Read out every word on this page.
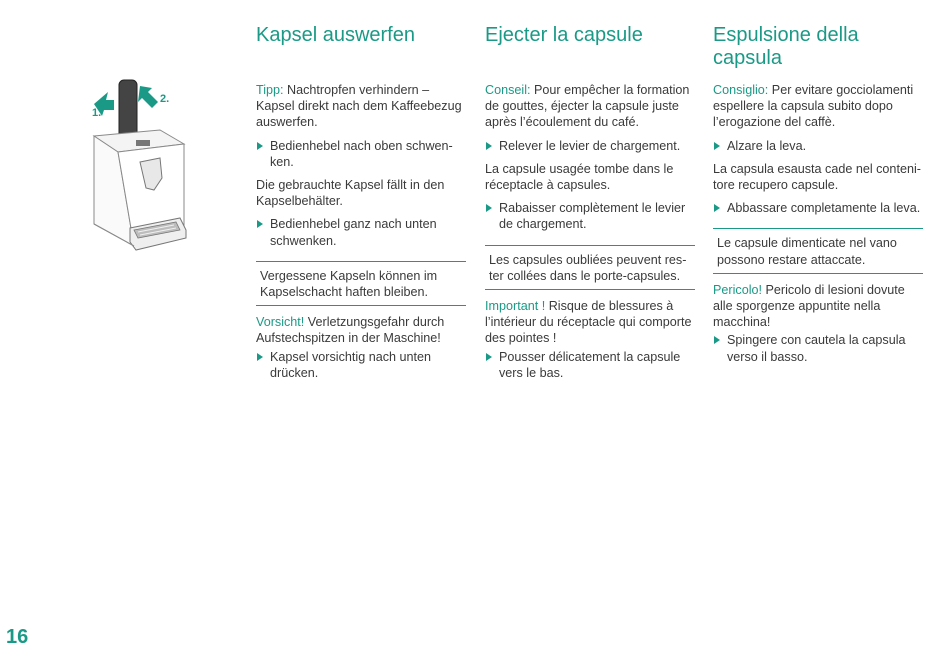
1.
2.
Kapsel auswerfen

Tipp: Nachtropfen verhindern – Kapsel direkt nach dem Kaffeebezug auswerfen.

Bedienhebel nach oben schwen-ken.

Die gebrauchte Kapsel fällt in den Kapselbehälter.

Bedienhebel ganz nach unten schwenken.

Vergessene Kapseln können im Kapselschacht haften bleiben.

Vorsicht! Verletzungsgefahr durch Aufstechspitzen in der Maschine!

Kapsel vorsichtig nach unten drücken.

Ejecter la capsule

Conseil: Pour empêcher la formation de gouttes, éjecter la capsule juste après l’écoulement du café.

Relever le levier de chargement.

La capsule usagée tombe dans le réceptacle à capsules.

Rabaisser complètement le levier de chargement.

Les capsules oubliées peuvent res-ter collées dans le porte-capsules.

Important ! Risque de blessures à l’intérieur du réceptacle qui comporte des pointes !

Pousser délicatement la capsule vers le bas.

Espulsione della capsula

Consiglio: Per evitare gocciolamenti espellere la capsula subito dopo l’erogazione del caffè.

Alzare la leva.

La capsula esausta cade nel conteni-tore recupero capsule.

Abbassare completamente la leva.

Le capsule dimenticate nel vano possono restare attaccate.

Pericolo! Pericolo di lesioni dovute alle sporgenze appuntite nella macchina!

Spingere con cautela la capsula verso il basso.

16
